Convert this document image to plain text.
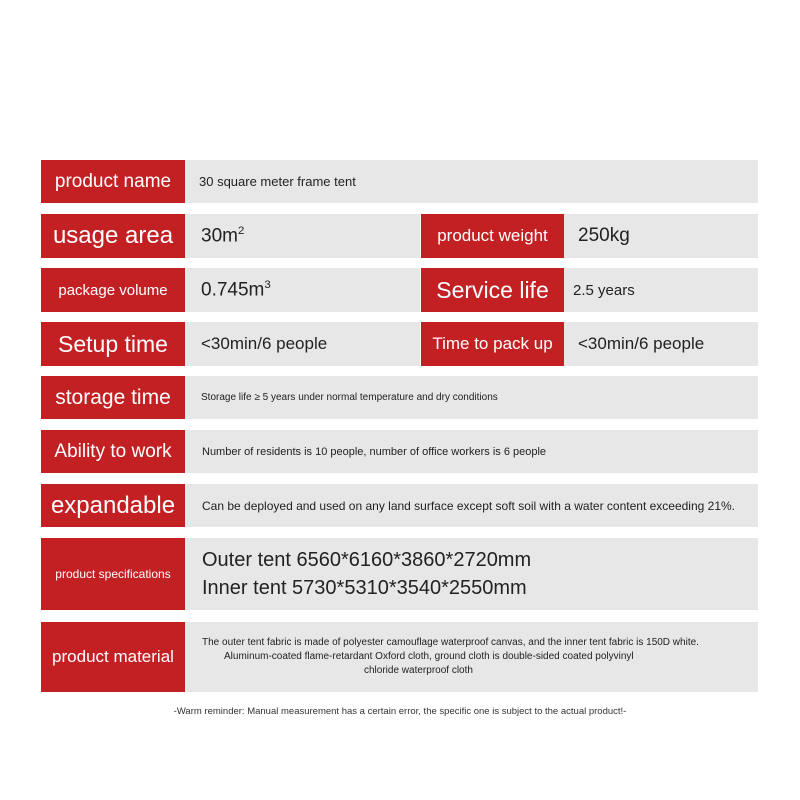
product name 30 square meter frame tent
usage area $30m^2$	product weight 250kg
package volume $0.745m^3$	Service life 2.5 years
Setup time <30min/6 people	Time to pack up <30min/6 people
storage time	Storage life ≥ 5 years under normal temperature and dry conditions
Ability to work	Number of residents is 10 people, number of office workers is 6 people
expandable Can be deployed and used on any land surface except soft soil with a water content exceeding 21%.
product specifications
Outer tent 6560*6160*3860*2720mm
Inner tent 5730*5310*3540*2550mm
product material
The outer tent fabric is made of polyester camouflage waterproof canvas, and the inner tent fabric is 150D white.
Aluminum-coated flame-retardant Oxford cloth, ground cloth is double-sided coated polyvinyl
chloride waterproof cloth
-Warm reminder: Manual measurement has a certain error, the specific one is subject to the actual product!-
